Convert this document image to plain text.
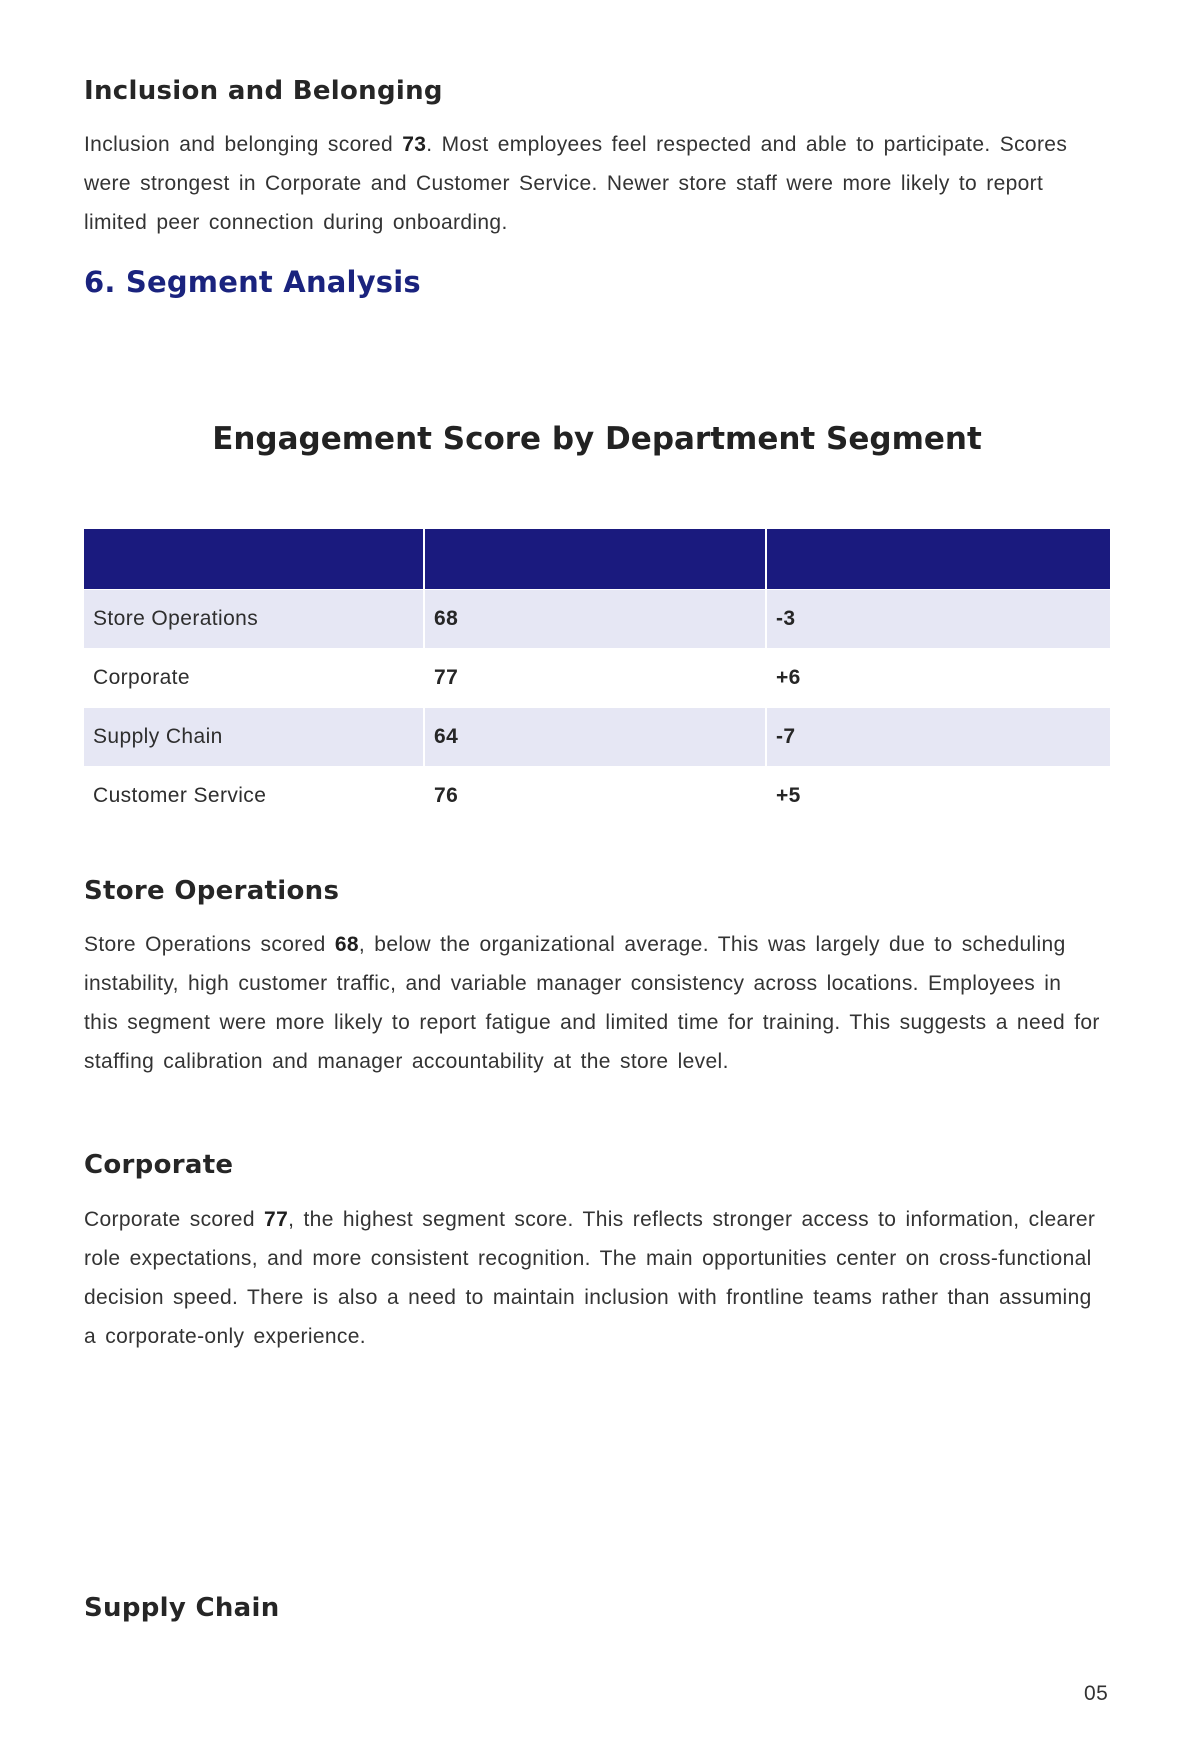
Inclusion and Belonging

Inclusion and belonging scored 73. Most employees feel respected and able to participate. Scores were strongest in Corporate and Customer Service. Newer store staff were more likely to report limited peer connection during onboarding.

6. Segment Analysis
Engagement Score by Department Segment

Store Operations	68	-3
Corporate	77	+6
Supply Chain	64	-7
Customer Service	76	+5
Store Operations

Store Operations scored 68, below the organizational average. This was largely due to scheduling instability, high customer traffic, and variable manager consistency across locations. Employees in this segment were more likely to report fatigue and limited time for training. This suggests a need for staffing calibration and manager accountability at the store level.

Corporate

Corporate scored 77, the highest segment score. This reflects stronger access to information, clearer role expectations, and more consistent recognition. The main opportunities center on cross-functional decision speed. There is also a need to maintain inclusion with frontline teams rather than assuming a corporate-only experience.

Supply Chain
05
